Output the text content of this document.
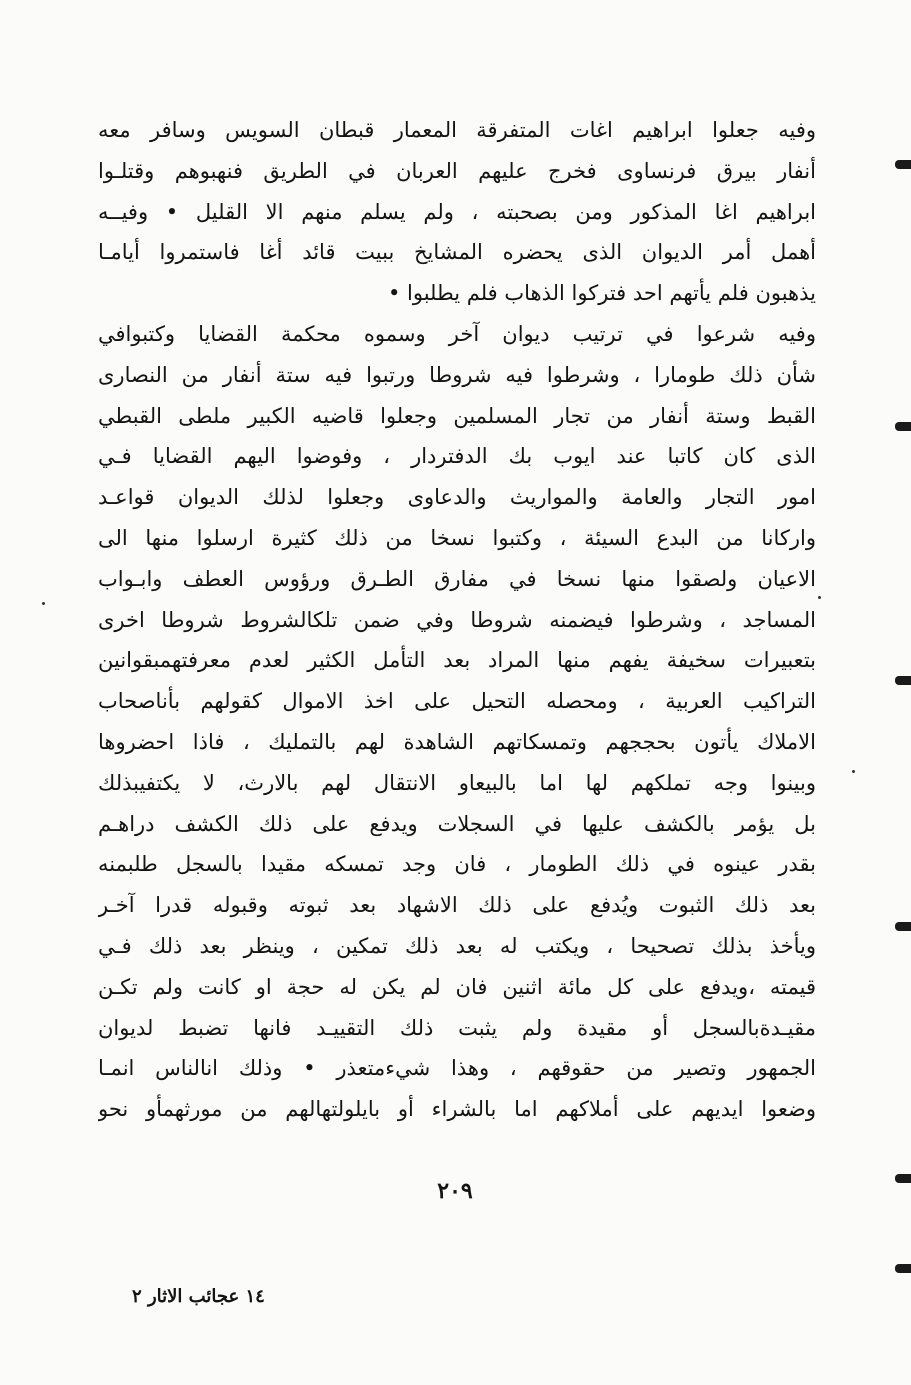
وفيه جعلوا ابراهيم اغات المتفرقة المعمار قبطان السويس وسافر معه
أنفار بيرق فرنساوى فخرج عليهم العربان في الطريق فنهبوهم وقتلـوا
ابراهيم اغا المذكور ومن بصحبته ، ولم يسلم منهم الا القليل • وفيــه
أهمل أمر الديوان الذى يحضره المشايخ ببيت قائد أغا فاستمروا أيامـا
يذهبون فلم يأتهم احد فتركوا الذهاب فلم يطلبوا •
وفيه شرعوا في ترتيب ديوان آخر وسموه محكمة القضايا وكتبوافي
شأن ذلك طومارا ، وشرطوا فيه شروطا ورتبوا فيه ستة أنفار من النصارى
القبط وستة أنفار من تجار المسلمين وجعلوا قاضيه الكبير ملطى القبطي
الذى كان كاتبا عند ايوب بك الدفتردار ، وفوضوا اليهم القضايا فـي
امور التجار والعامة والمواريث والدعاوى وجعلوا لذلك الديوان قواعـد
واركانا من البدع السيئة ، وكتبوا نسخا من ذلك كثيرة ارسلوا منها الى
الاعيان ولصقوا منها نسخا في مفارق الطـرق ورؤوس العطف وابـواب
المساجد ، وشرطوا فيضمنه شروطا وفي ضمن تلكالشروط شروطا اخرى
بتعبيرات سخيفة يفهم منها المراد بعد التأمل الكثير لعدم معرفتهمبقوانين
التراكيب العربية ، ومحصله التحيل على اخذ الاموال كقولهم بأناصحاب
الاملاك يأتون بحججهم وتمسكاتهم الشاهدة لهم بالتمليك ، فاذا احضروها
وبينوا وجه تملكهم لها اما بالبيعاو الانتقال لهم بالارث، لا يكتفيبذلك
بل يؤمر بالكشف عليها في السجلات ويدفع على ذلك الكشف دراهـم
بقدر عينوه في ذلك الطومار ، فان وجد تمسكه مقيدا بالسجل طلبمنه
بعد ذلك الثبوت ويُدفع على ذلك الاشهاد بعد ثبوته وقبوله قدرا آخـر
ويأخذ بذلك تصحيحا ، ويكتب له بعد ذلك تمكين ، وينظر بعد ذلك فـي
قيمته ،ويدفع على كل مائة اثنين فان لم يكن له حجة او كانت ولم تكـن
مقيـدةبالسجل أو مقيدة ولم يثبت ذلك التقييـد فانها تضبط لديوان
الجمهور وتصير من حقوقهم ، وهذا شيءمتعذر • وذلك انالناس انمـا
وضعوا ايديهم على أملاكهم اما بالشراء أو بايلولتهالهم من مورثهمأو نحو
٢٠٩
١٤ عجائب الاثار ٢
